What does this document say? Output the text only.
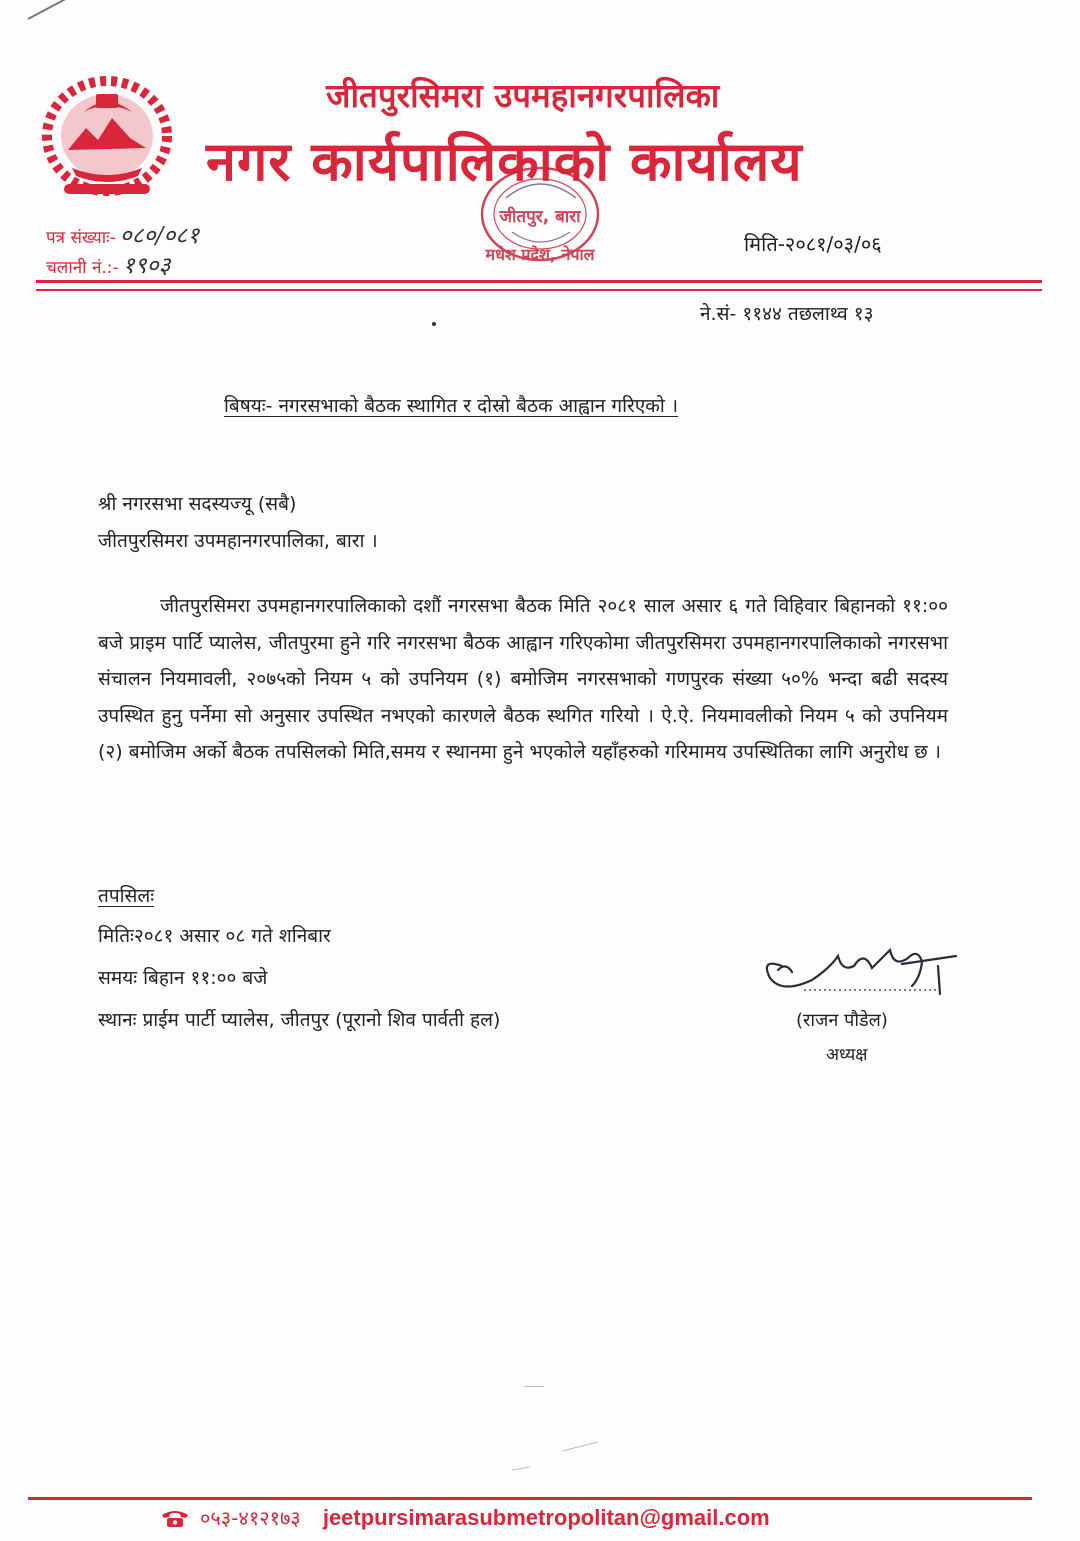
जीतपुरसिमरा उपमहानगरपालिका
नगर कार्यपालिकाको कार्यालय
पत्र संख्याः- ०८०/०८१
चलानी नं.:- १९०३
जीतपुर, बारा
मधेश प्रदेश, नेपाल	मिति-२०८१/०३/०६
ने.सं- ११४४ तछलाथ्व १३
बिषयः- नगरसभाको बैठक स्थागित र दोस्रो बैठक आह्वान गरिएको ।
श्री नगरसभा सदस्यज्यू (सबै)
जीतपुरसिमरा उपमहानगरपालिका, बारा ।
जीतपुरसिमरा उपमहानगरपालिकाको दशौं नगरसभा बैठक मिति २०८१ साल असार ६ गते विहिवार बिहानको ११:०० बजे प्राइम पार्टि प्यालेस, जीतपुरमा हुने गरि नगरसभा बैठक आह्वान गरिएकोमा जीतपुरसिमरा उपमहानगरपालिकाको नगरसभा संचालन नियमावली, २०७५को नियम ५ को उपनियम (१) बमोजिम नगरसभाको गणपुरक संख्या ५०% भन्दा बढी सदस्य उपस्थित हुनु पर्नेमा सो अनुसार उपस्थित नभएको कारणले बैठक स्थगित गरियो । ऐ.ऐ. नियमावलीको नियम ५ को उपनियम (२) बमोजिम अर्को बैठक तपसिलको मिति,समय र स्थानमा हुने भएकोले यहाँहरुको गरिमामय उपस्थितिका लागि अनुरोध छ ।
तपसिलः
मितिः२०८१ असार ०८ गते शनिबार
समयः बिहान ११:०० बजे
स्थानः प्राईम पार्टी प्यालेस, जीतपुर (पूरानो शिव पार्वती हल)	(राजन पौडेल)
अध्यक्ष
०५३-४१२१७३ jeetpursimarasubmetropolitan@gmail.com
